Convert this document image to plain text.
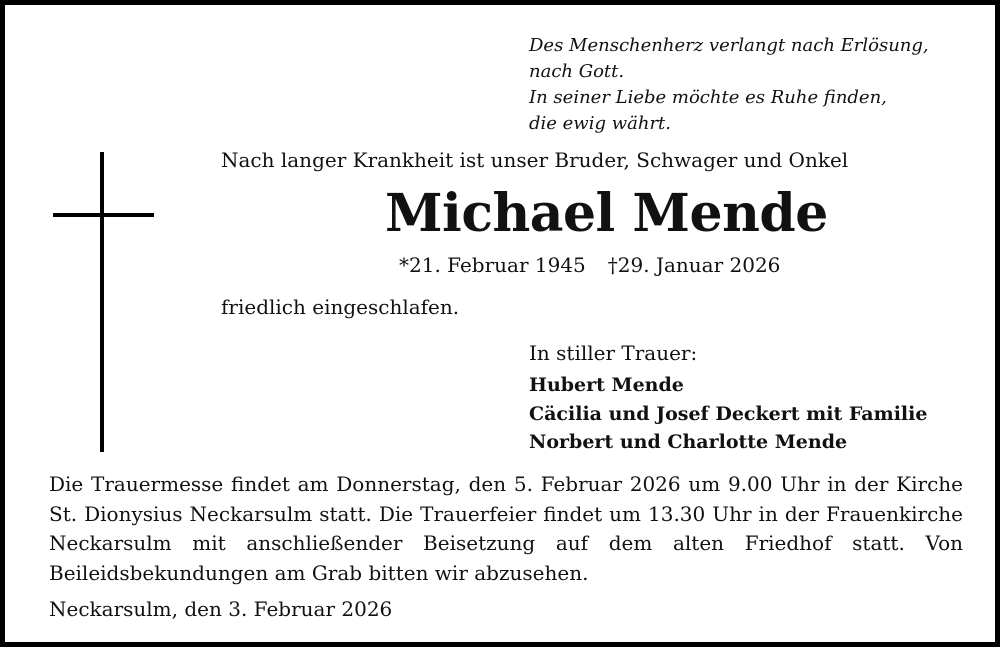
Des Menschenherz verlangt nach Erlösung,
nach Gott.
In seiner Liebe möchte es Ruhe finden,
die ewig währt.
Nach langer Krankheit ist unser Bruder, Schwager und Onkel
Michael Mende
*21. Februar 1945 †29. Januar 2026
friedlich eingeschlafen.
In stiller Trauer:
Hubert Mende
Cäcilia und Josef Deckert mit Familie
Norbert und Charlotte Mende
Die Trauermesse findet am Donnerstag, den 5. Februar 2026 um 9.00 Uhr in der Kirche St. Dionysius Neckarsulm statt. Die Trauerfeier findet um 13.30 Uhr in der Frauenkirche Neckarsulm mit anschließender Beisetzung auf dem alten Friedhof statt. Von Beileidsbekundungen am Grab bitten wir abzusehen.
Neckarsulm, den 3. Februar 2026
